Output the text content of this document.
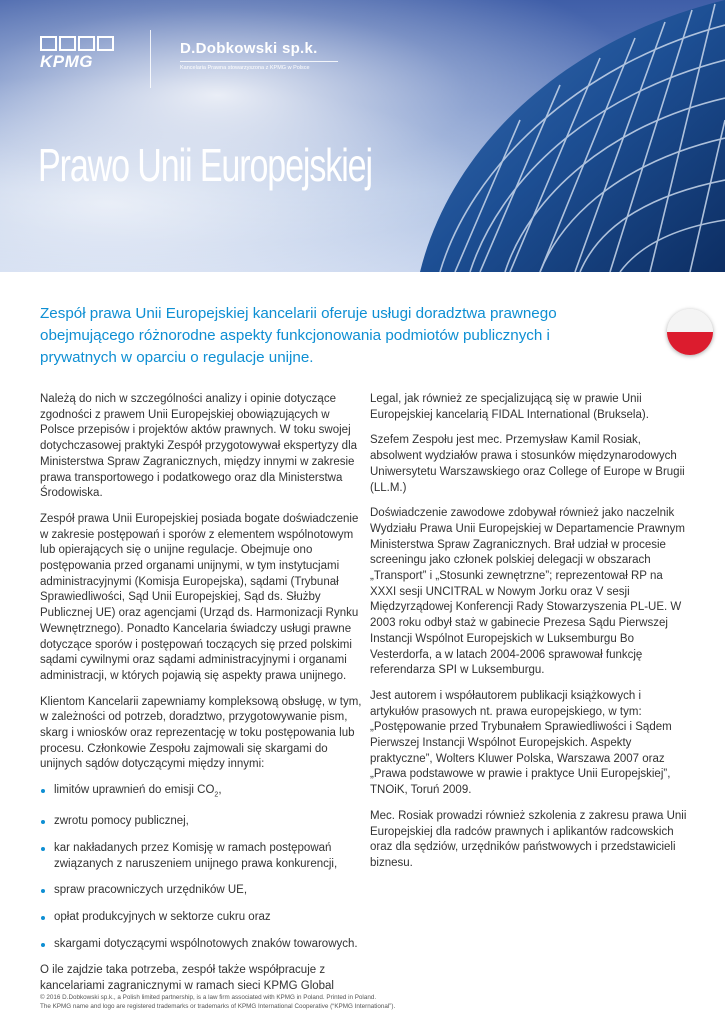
KPMG
D.Dobkowski sp.k.
Kancelaria Prawna stowarzyszona z KPMG w Polsce
Prawo Unii Europejskiej
Zespół prawa Unii Europejskiej kancelarii oferuje usługi doradztwa prawnego obejmującego różnorodne aspekty funkcjonowania podmiotów publicznych i prywatnych w oparciu o regulacje unijne.

Należą do nich w szczególności analizy i opinie dotyczące zgodności z prawem Unii Europejskiej obowiązujących w Polsce przepisów i projektów aktów prawnych. W toku swojej dotychczasowej praktyki Zespół przygotowywał ekspertyzy dla Ministerstwa Spraw Zagranicznych, między innymi w zakresie prawa transportowego i podatkowego oraz dla Ministerstwa Środowiska.

Zespół prawa Unii Europejskiej posiada bogate doświadczenie w zakresie postępowań i sporów z elementem wspólnotowym lub opierających się o unijne regulacje. Obejmuje ono postępowania przed organami unijnymi, w tym instytucjami administracyjnymi (Komisja Europejska), sądami (Trybunał Sprawiedliwości, Sąd Unii Europejskiej, Sąd ds. Służby Publicznej UE) oraz agencjami (Urząd ds. Harmonizacji Rynku Wewnętrznego). Ponadto Kancelaria świadczy usługi prawne dotyczące sporów i postępowań toczących się przed polskimi sądami cywilnymi oraz sądami administracyjnymi i organami administracji, w których pojawią się aspekty prawa unijnego.

Klientom Kancelarii zapewniamy kompleksową obsługę, w tym, w zależności od potrzeb, doradztwo, przygotowywanie pism, skarg i wniosków oraz reprezentację w toku postępowania lub procesu. Członkowie Zespołu zajmowali się skargami do unijnych sądów dotyczącymi między innymi:

limitów uprawnień do emisji $CO_2$,
zwrotu pomocy publicznej,
kar nakładanych przez Komisję w ramach postępowań związanych z naruszeniem unijnego prawa konkurencji,
spraw pracowniczych urzędników UE,
opłat produkcyjnych w sektorze cukru oraz
skargami dotyczącymi wspólnotowych znaków towarowych.

O ile zajdzie taka potrzeba, zespół także współpracuje z kancelariami zagranicznymi w ramach sieci KPMG Global

Legal, jak również ze specjalizującą się w prawie Unii Europejskiej kancelarią FIDAL International (Bruksela).

Szefem Zespołu jest mec. Przemysław Kamil Rosiak, absolwent wydziałów prawa i stosunków międzynarodowych Uniwersytetu Warszawskiego oraz College of Europe w Brugii (LL.M.)

Doświadczenie zawodowe zdobywał również jako naczelnik Wydziału Prawa Unii Europejskiej w Departamencie Prawnym Ministerstwa Spraw Zagranicznych. Brał udział w procesie screeningu jako członek polskiej delegacji w obszarach „Transport” i „Stosunki zewnętrzne”; reprezentował RP na XXXI sesji UNCITRAL w Nowym Jorku oraz V sesji Międzyrządowej Konferencji Rady Stowarzyszenia PL-UE. W 2003 roku odbył staż w gabinecie Prezesa Sądu Pierwszej Instancji Wspólnot Europejskich w Luksemburgu Bo Vesterdorfa, a w latach 2004-2006 sprawował funkcję referendarza SPI w Luksemburgu.

Jest autorem i współautorem publikacji książkowych i artykułów prasowych nt. prawa europejskiego, w tym: „Postępowanie przed Trybunałem Sprawiedliwości i Sądem Pierwszej Instancji Wspólnot Europejskich. Aspekty praktyczne”, Wolters Kluwer Polska, Warszawa 2007 oraz „Prawa podstawowe w prawie i praktyce Unii Europejskiej”, TNOiK, Toruń 2009.

Mec. Rosiak prowadzi również szkolenia z zakresu prawa Unii Europejskiej dla radców prawnych i aplikantów radcowskich oraz dla sędziów, urzędników państwowych i przedstawicieli biznesu.

© 2016 D.Dobkowski sp.k., a Polish limited partnership, is a law firm associated with KPMG in Poland. Printed in Poland.
The KPMG name and logo are registered trademarks or trademarks of KPMG International Cooperative (“KPMG International”).
